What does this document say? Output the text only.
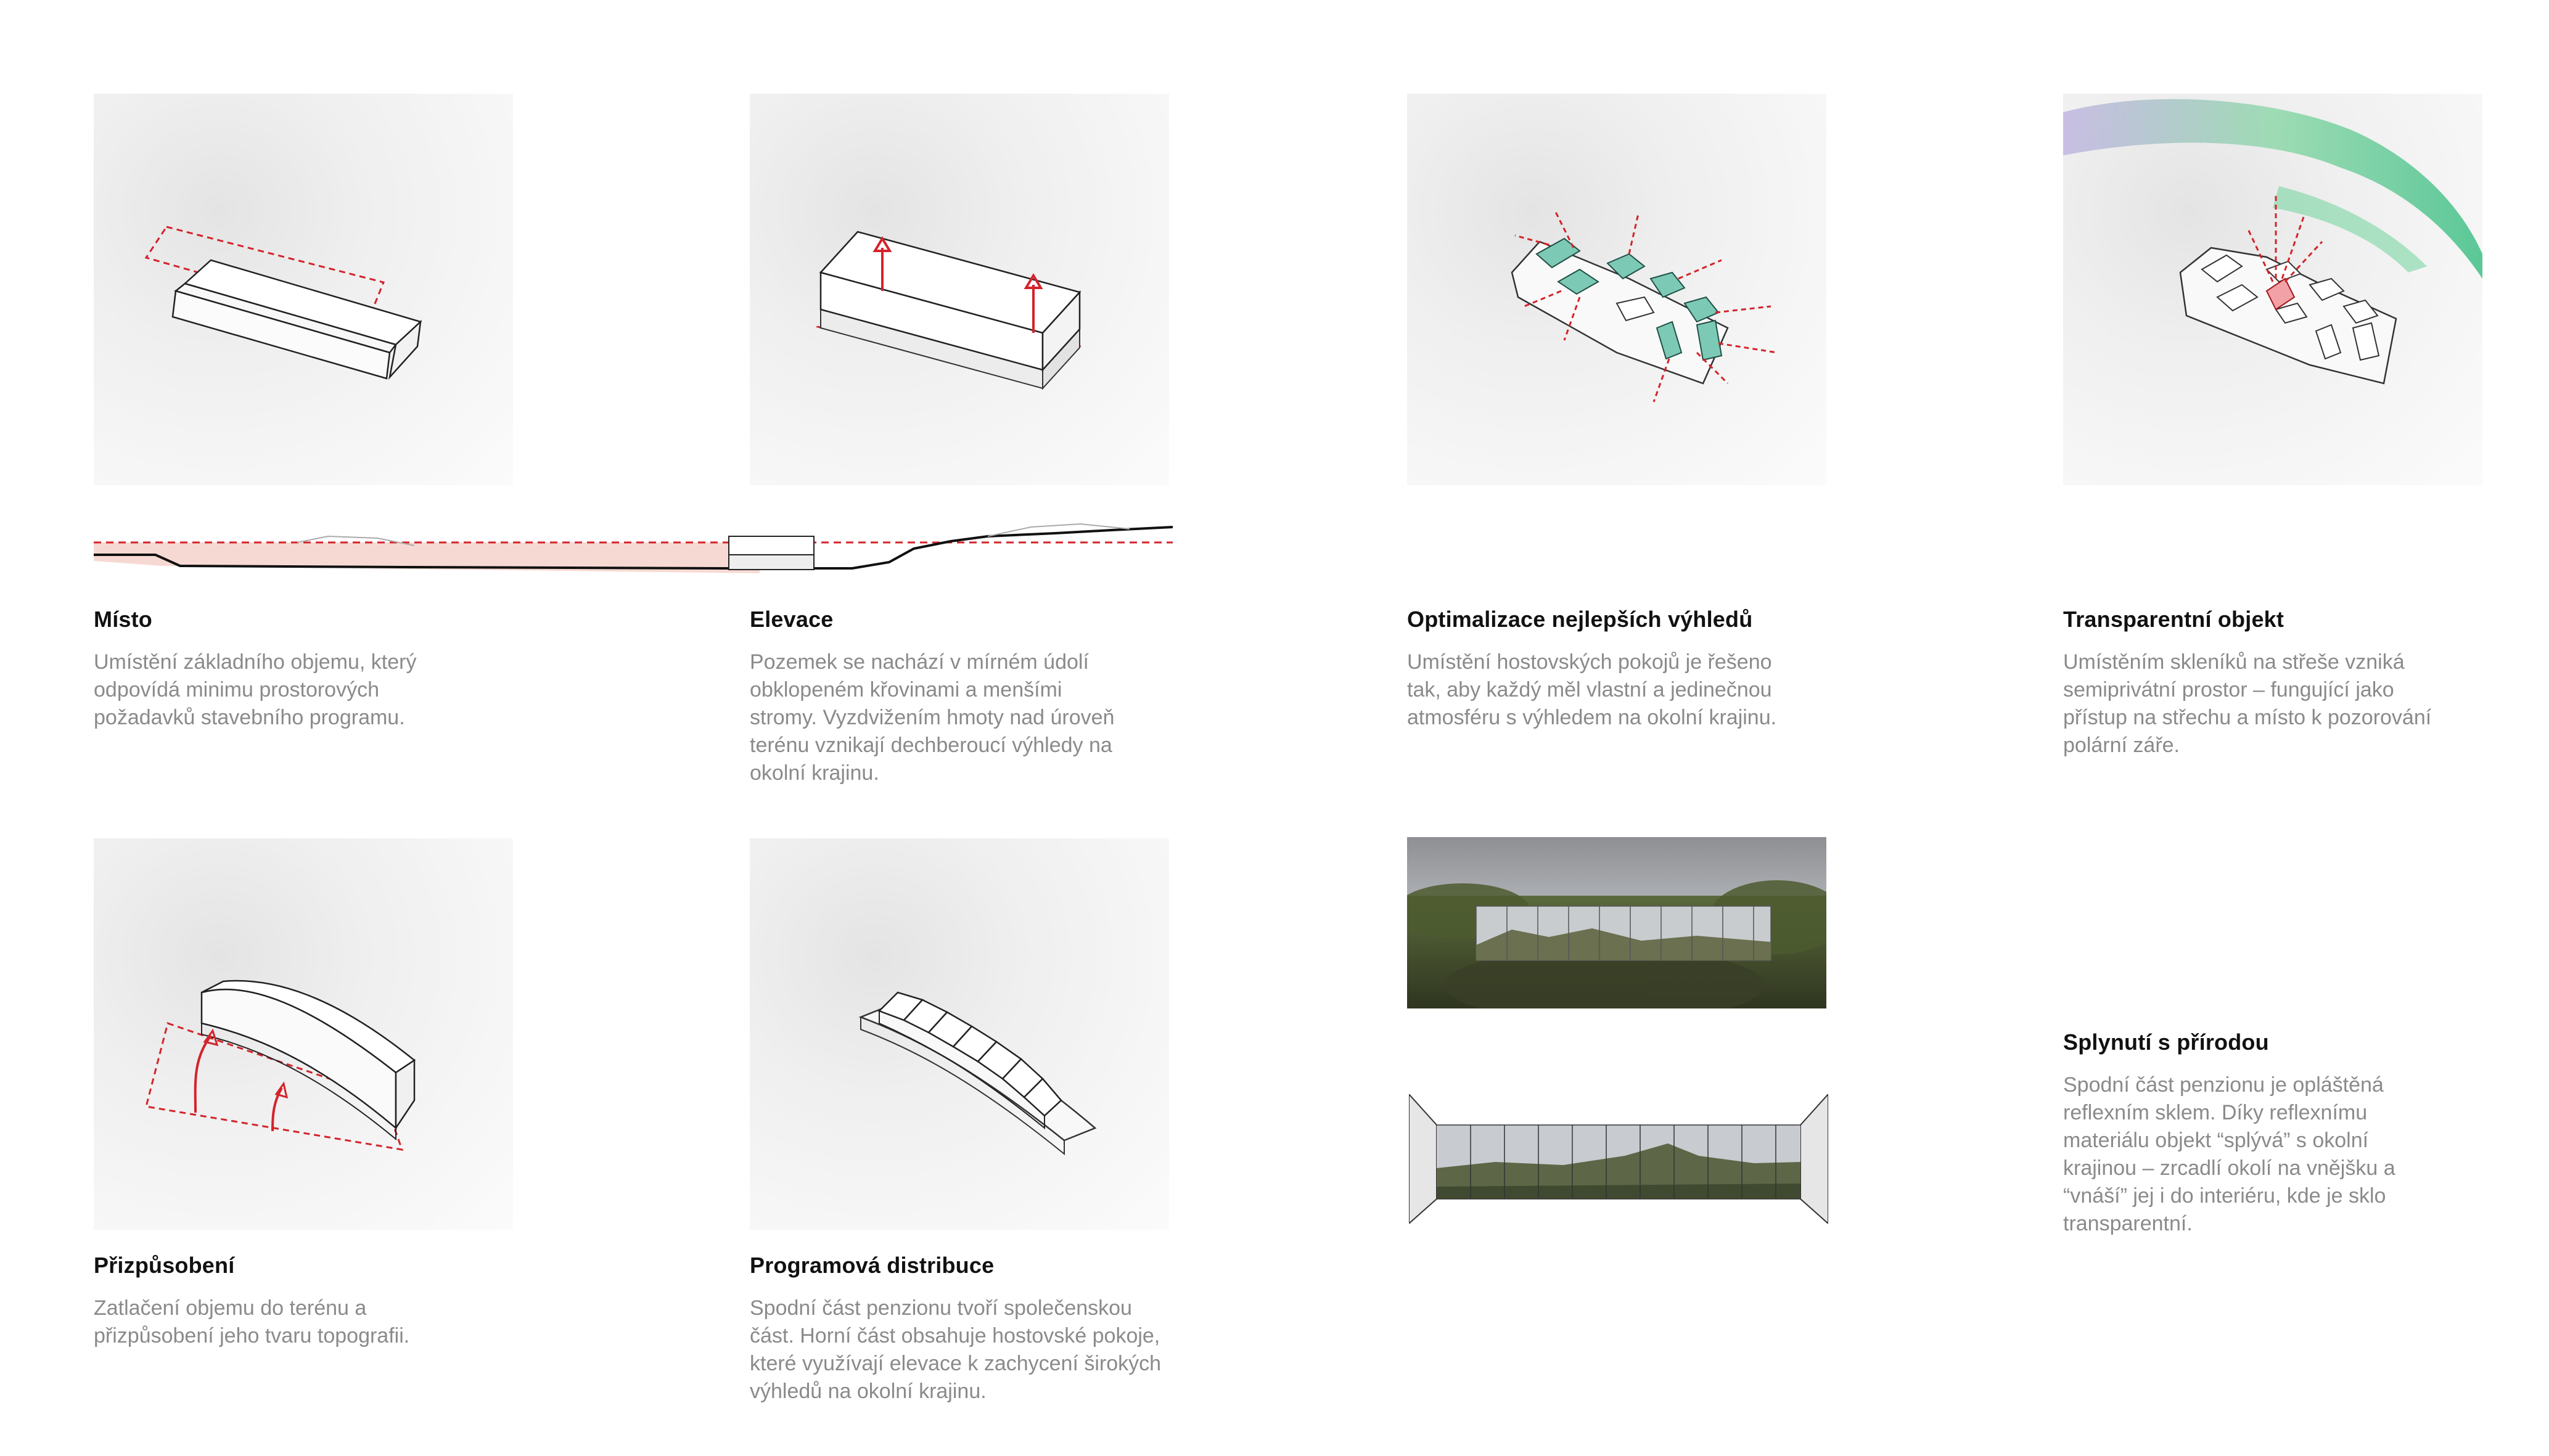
Místo

Umístění základního objemu, který
odpovídá minimu prostorových
požadavků stavebního programu.

Elevace

Pozemek se nachází v mírném údolí
obklopeném křovinami a menšími
stromy. Vyzdvižením hmoty nad úroveň
terénu vznikají dechberoucí výhledy na
okolní krajinu.

Optimalizace nejlepších výhledů

Umístění hostovských pokojů je řešeno
tak, aby každý měl vlastní a jedinečnou
atmosféru s výhledem na okolní krajinu.

Transparentní objekt

Umístěním skleníků na střeše vzniká
semiprivátní prostor – fungující jako
přístup na střechu a místo k pozorování
polární záře.

Přizpůsobení

Zatlačení objemu do terénu a
přizpůsobení jeho tvaru topografii.

Programová distribuce

Spodní část penzionu tvoří společenskou
část. Horní část obsahuje hostovské pokoje,
které využívají elevace k zachycení širokých
výhledů na okolní krajinu.

Splynutí s přírodou

Spodní část penzionu je opláštěná
reflexním sklem. Díky reflexnímu
materiálu objekt “splývá” s okolní
krajinou – zrcadlí okolí na vnějšku a
“vnáší” jej i do interiéru, kde je sklo
transparentní.
